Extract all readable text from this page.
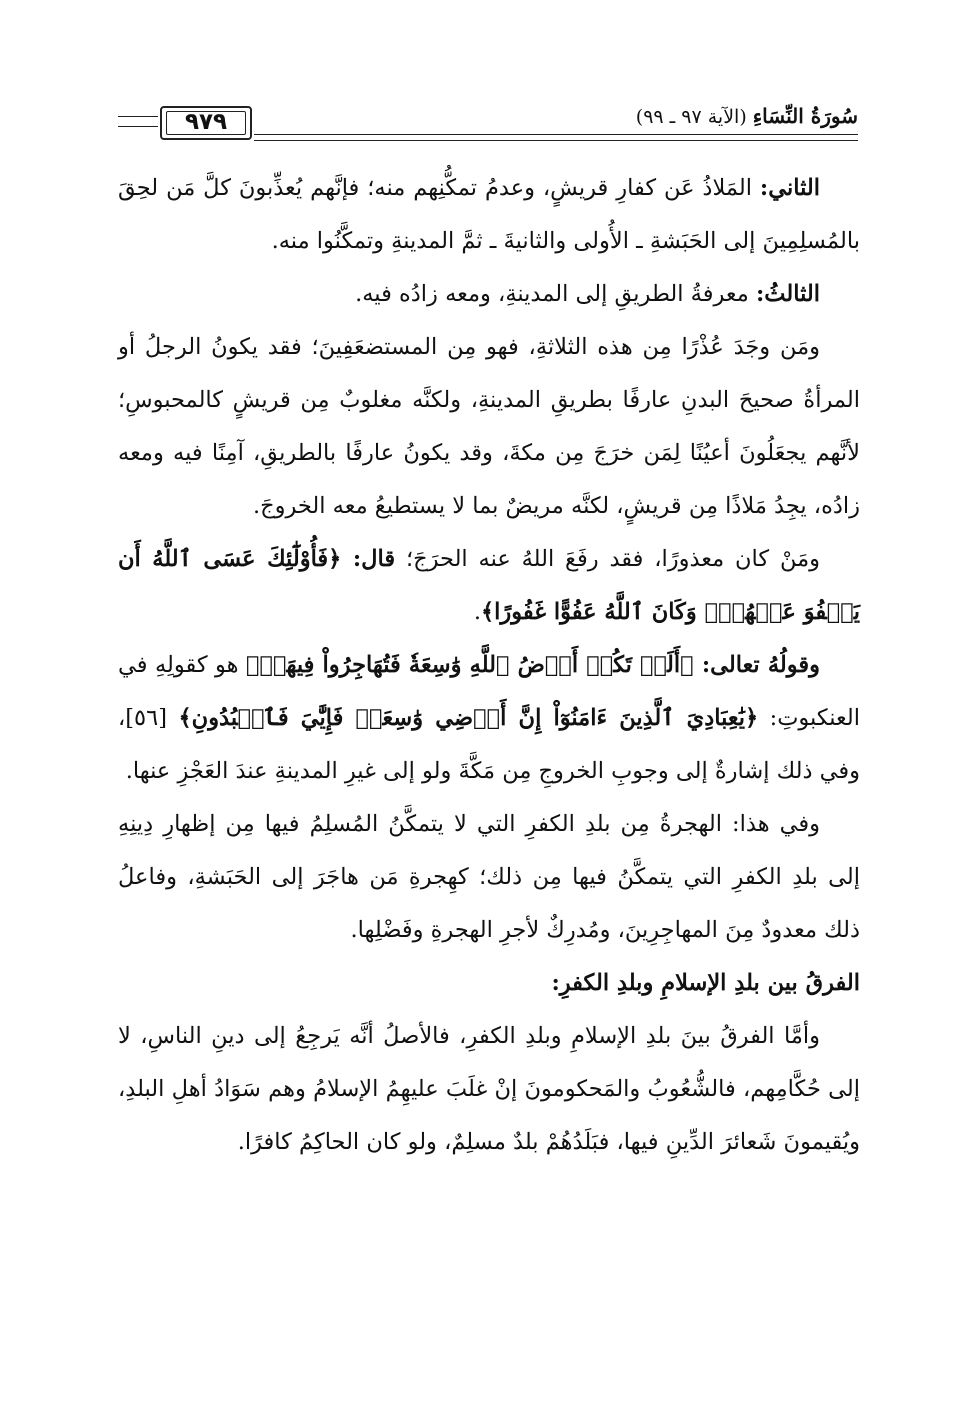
٩٧٩	سُورَةُ النِّسَاءِ (الآية ٩٧ ـ ٩٩)

الثاني: المَلاذُ عَن كفارِ قريشٍ، وعدمُ تمكُّنِهم منه؛ فإنَّهم يُعذِّبونَ كلَّ مَن لحِقَ بالمُسلِمِينَ إلى الحَبَشةِ ـ الأُولى والثانيةَ ـ ثمَّ المدينةِ وتمكَّنُوا منه.

الثالثُ: معرفةُ الطريقِ إلى المدينةِ، ومعه زادُه فيه.

ومَن وجَدَ عُذْرًا مِن هذه الثلاثةِ، فهو مِن المستضعَفِينَ؛ فقد يكونُ الرجلُ أو المرأةُ صحيحَ البدنِ عارفًا بطريقِ المدينةِ، ولكنَّه مغلوبٌ مِن قريشٍ كالمحبوسِ؛ لأنَّهم يجعَلُونَ أعيُنًا لِمَن خرَجَ مِن مكةَ، وقد يكونُ عارفًا بالطريقِ، آمِنًا فيه ومعه زادُه، يجِدُ مَلاذًا مِن قريشٍ، لكنَّه مريضٌ بما لا يستطيعُ معه الخروجَ.

ومَنْ كان معذورًا، فقد رفَعَ اللهُ عنه الحرَجَ؛ قال: ﴿فَأُوْلَٰٓئِكَ عَسَى ٱللَّهُ أَن يَعۡفُوَ عَنۡهُمۡۚ وَكَانَ ٱللَّهُ عَفُوًّا غَفُورًا﴾.

وقولُهُ تعالى: ﴿أَلَمۡ تَكُنۡ أَرۡضُ ٱللَّهِ وَٰسِعَةٗ فَتُهَاجِرُواْ فِيهَاۚ﴾ هو كقولِهِ في العنكبوتِ: ﴿يَٰعِبَادِيَ ٱلَّذِينَ ءَامَنُوٓاْ إِنَّ أَرۡضِي وَٰسِعَةٞ فَإِيَّٰيَ فَٱعۡبُدُونِ﴾ [٥٦]، وفي ذلك إشارةٌ إلى وجوبِ الخروجِ مِن مَكَّةَ ولو إلى غيرِ المدينةِ عندَ العَجْزِ عنها.

وفي هذا: الهجرةُ مِن بلدِ الكفرِ التي لا يتمكَّنُ المُسلِمُ فيها مِن إظهارِ دِينِهِ إلى بلدِ الكفرِ التي يتمكَّنُ فيها مِن ذلك؛ كهِجرةِ مَن هاجَرَ إلى الحَبَشةِ، وفاعلُ ذلك معدودٌ مِنَ المهاجِرِينَ، ومُدرِكٌ لأجرِ الهجرةِ وفَضْلِها.

الفرقُ بين بلدِ الإسلامِ وبلدِ الكفرِ:

وأمَّا الفرقُ بينَ بلدِ الإسلامِ وبلدِ الكفرِ، فالأصلُ أنَّه يَرجِعُ إلى دينِ الناسِ، لا إلى حُكَّامِهم، فالشُّعُوبُ والمَحكومونَ إنْ غلَبَ عليهِمُ الإسلامُ وهم سَوَادُ أهلِ البلدِ، ويُقيمونَ شَعائرَ الدِّينِ فيها، فبَلَدُهُمْ بلدٌ مسلِمٌ، ولو كان الحاكِمُ كافرًا.
